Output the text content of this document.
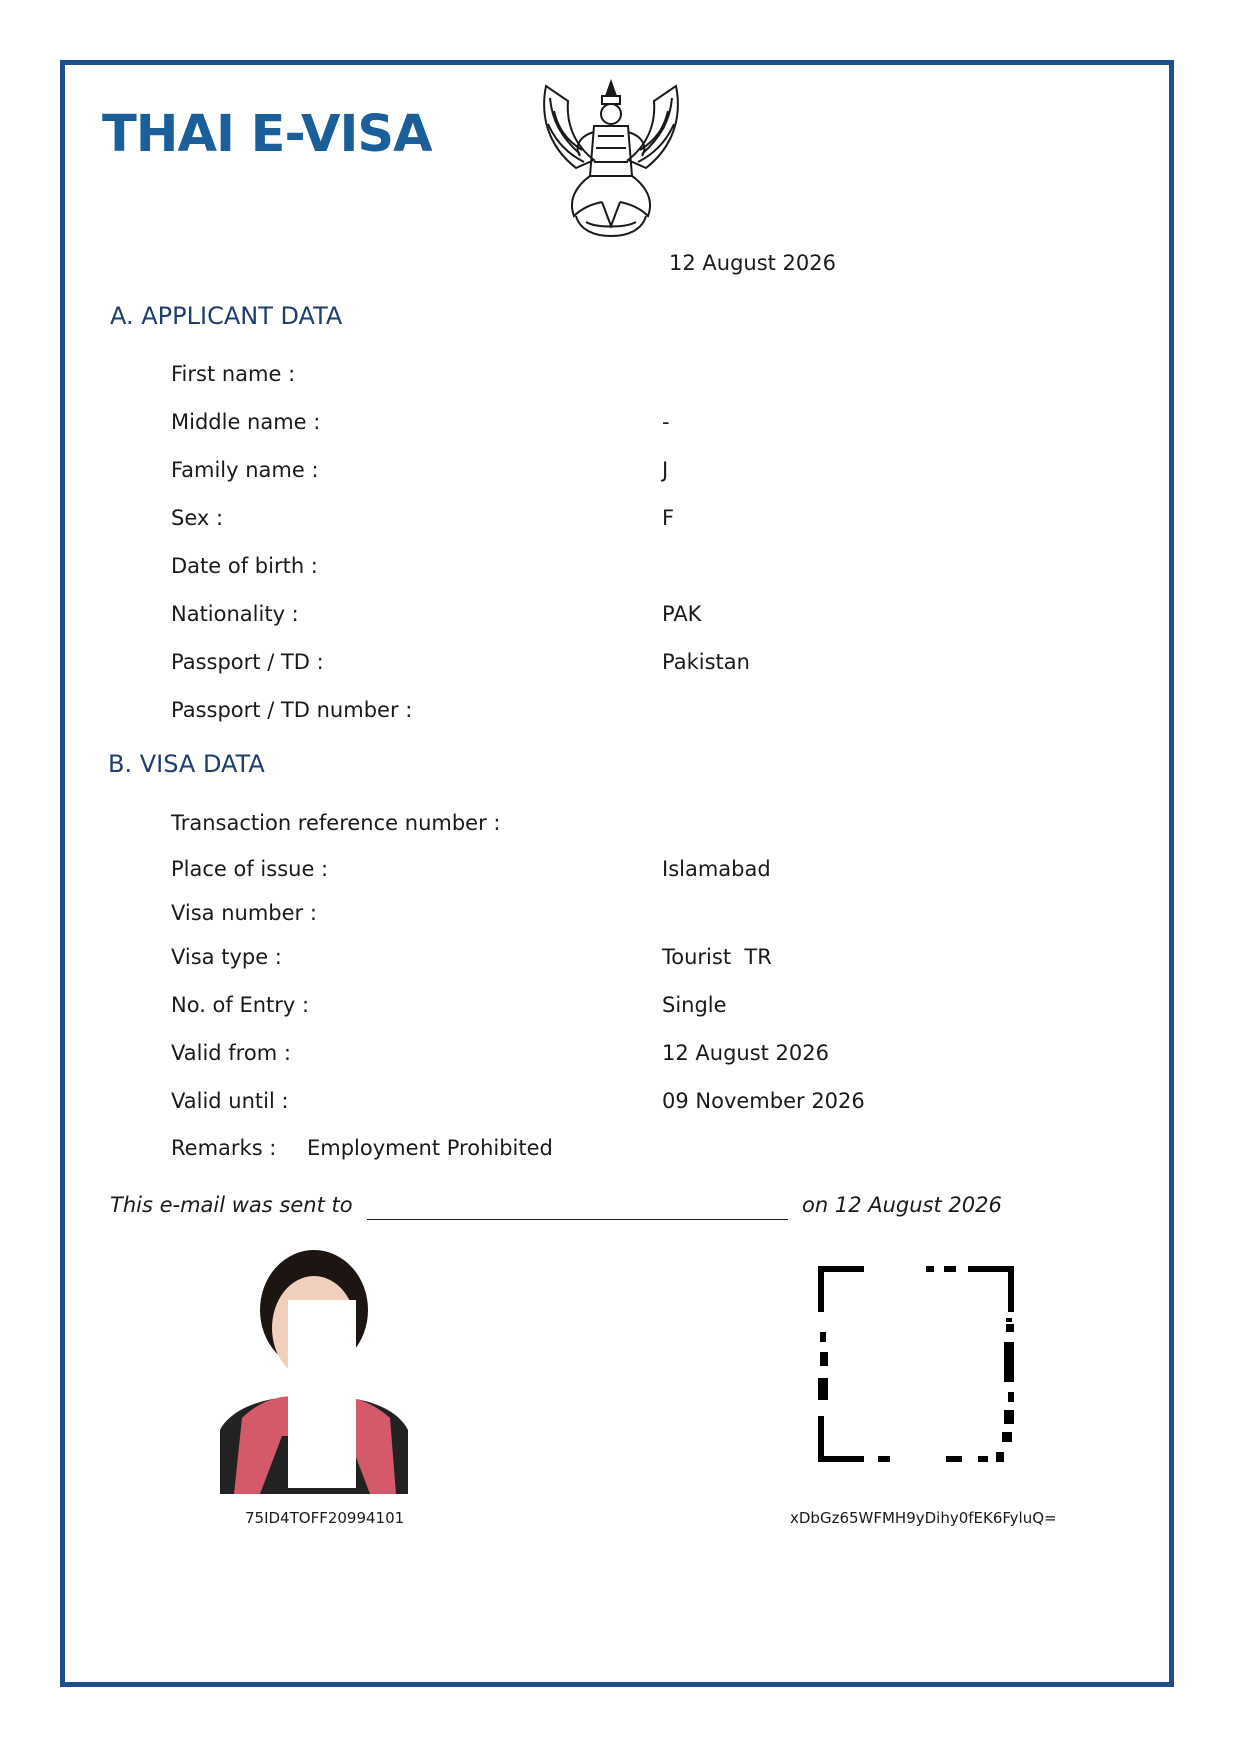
THAI E-VISA
12 August 2026
A. APPLICANT DATA
First name :
Middle name :	-
Family name :	J
Sex :	F
Date of birth :
Nationality :	PAK
Passport / TD :	Pakistan
Passport / TD number :
B. VISA DATA
Transaction reference number :
Place of issue :	Islamabad
Visa number :
Visa type :	Tourist  TR
No. of Entry :	Single
Valid from :	12 August 2026
Valid until :	09 November 2026
Remarks : Employment Prohibited
This e-mail was sent to	on 12 August 2026
75ID4TOFF20994101	xDbGz65WFMH9yDihy0fEK6FyluQ=
